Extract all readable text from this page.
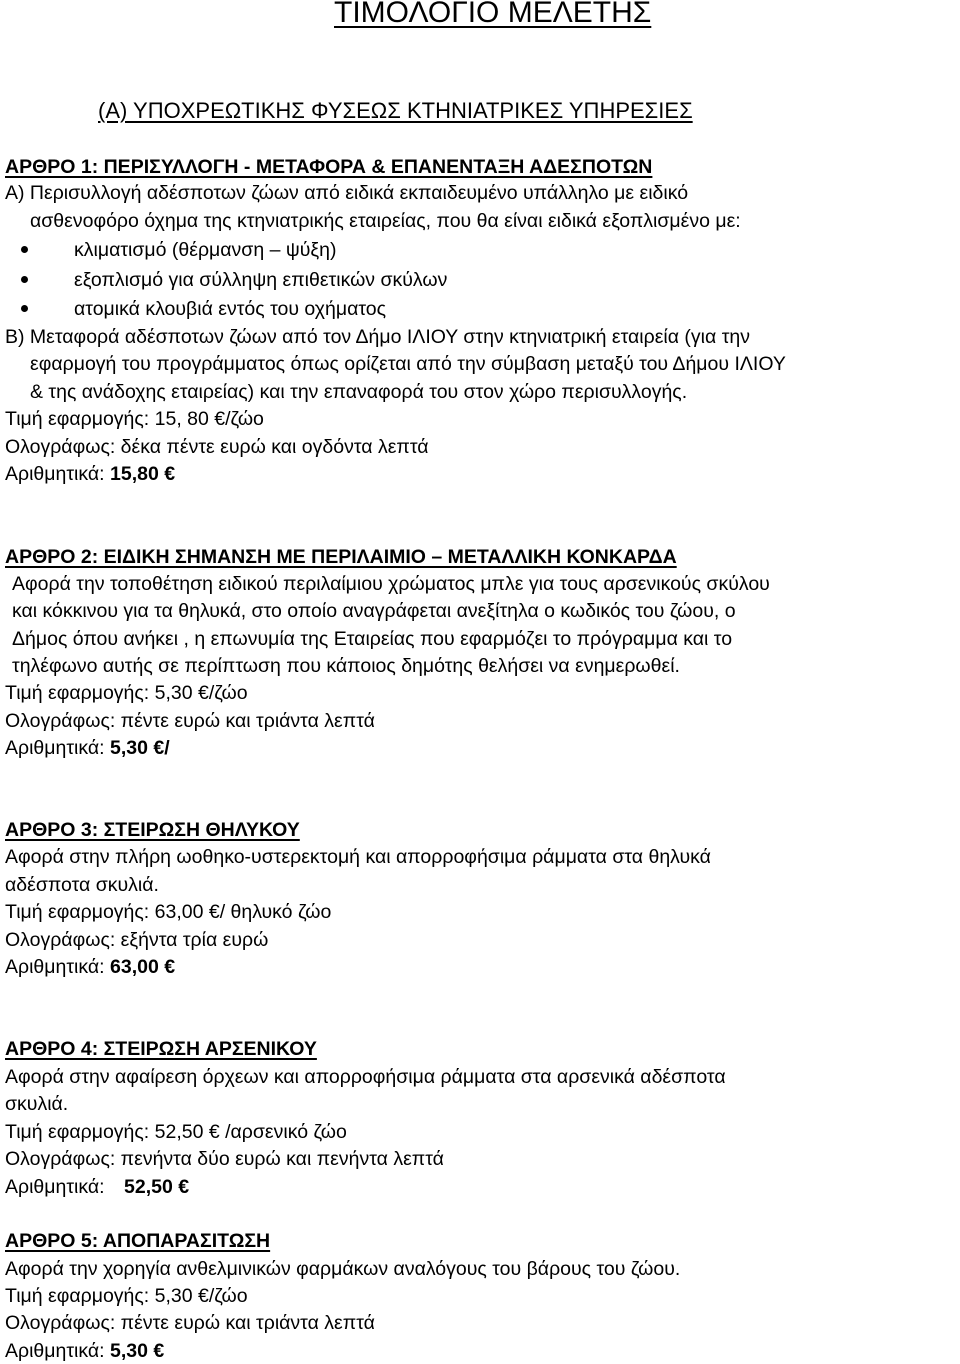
ΤΙΜΟΛΟΓΙΟ ΜΕΛΕΤΗΣ
(Α) ΥΠΟΧΡΕΩΤΙΚΗΣ ΦΥΣΕΩΣ ΚΤΗΝΙΑΤΡΙΚΕΣ ΥΠΗΡΕΣΙΕΣ
ΑΡΘΡΟ 1: ΠΕΡΙΣΥΛΛΟΓΗ - ΜΕΤΑΦΟΡΑ & ΕΠΑΝΕΝΤΑΞΗ ΑΔΕΣΠΟΤΩΝ
Α) Περισυλλογή αδέσποτων ζώων από ειδικά εκπαιδευμένο υπάλληλο με ειδικό
ασθενοφόρο όχημα της κτηνιατρικής εταιρείας, που θα είναι ειδικά εξοπλισμένο με:
κλιματισμό (θέρμανση – ψύξη)
εξοπλισμό για σύλληψη επιθετικών σκύλων
ατομικά κλουβιά εντός του οχήματος
Β) Μεταφορά αδέσποτων ζώων από τον Δήμο ΙΛΙΟΥ στην κτηνιατρική εταιρεία (για την
εφαρμογή του προγράμματος όπως ορίζεται από την σύμβαση μεταξύ του Δήμου ΙΛΙΟΥ
& της ανάδοχης εταιρείας) και την επαναφορά του στον χώρο περισυλλογής.
Τιμή εφαρμογής: 15, 80 €/ζώο
Ολογράφως: δέκα πέντε ευρώ και ογδόντα λεπτά
Αριθμητικά: 15,80 €
ΑΡΘΡΟ 2: ΕΙΔΙΚΗ ΣΗΜΑΝΣΗ ΜΕ ΠΕΡΙΛΑΙΜΙΟ – ΜΕΤΑΛΛΙΚΗ ΚΟΝΚΑΡΔΑ
Αφορά την τοποθέτηση ειδικού περιλαίμιου χρώματος μπλε για τους αρσενικούς σκύλου
και κόκκινου για τα θηλυκά, στο οποίο αναγράφεται ανεξίτηλα ο κωδικός του ζώου, ο
Δήμος όπου ανήκει , η επωνυμία της Εταιρείας που εφαρμόζει το πρόγραμμα και το
τηλέφωνο αυτής σε περίπτωση που κάποιος δημότης θελήσει να ενημερωθεί.
Τιμή εφαρμογής: 5,30 €/ζώο
Ολογράφως: πέντε ευρώ και τριάντα λεπτά
Αριθμητικά: 5,30 €/
ΑΡΘΡΟ 3: ΣΤΕΙΡΩΣΗ ΘΗΛΥΚΟΥ
Αφορά στην πλήρη ωοθηκο-υστερεκτομή και απορροφήσιμα ράμματα στα θηλυκά
αδέσποτα σκυλιά.
Τιμή εφαρμογής: 63,00 €/ θηλυκό ζώο
Ολογράφως: εξήντα τρία ευρώ
Αριθμητικά: 63,00 €
ΑΡΘΡΟ 4: ΣΤΕΙΡΩΣΗ ΑΡΣΕΝΙΚΟΥ
Αφορά στην αφαίρεση όρχεων και απορροφήσιμα ράμματα στα αρσενικά αδέσποτα
σκυλιά.
Τιμή εφαρμογής: 52,50 € /αρσενικό ζώο
Ολογράφως: πενήντα δύο ευρώ και πενήντα λεπτά
Αριθμητικά: 52,50 €
ΑΡΘΡΟ 5: ΑΠΟΠΑΡΑΣΙΤΩΣΗ
Αφορά την χορηγία ανθελμινικών φαρμάκων αναλόγους του βάρους του ζώου.
Τιμή εφαρμογής: 5,30 €/ζώο
Ολογράφως: πέντε ευρώ και τριάντα λεπτά
Αριθμητικά: 5,30 €
